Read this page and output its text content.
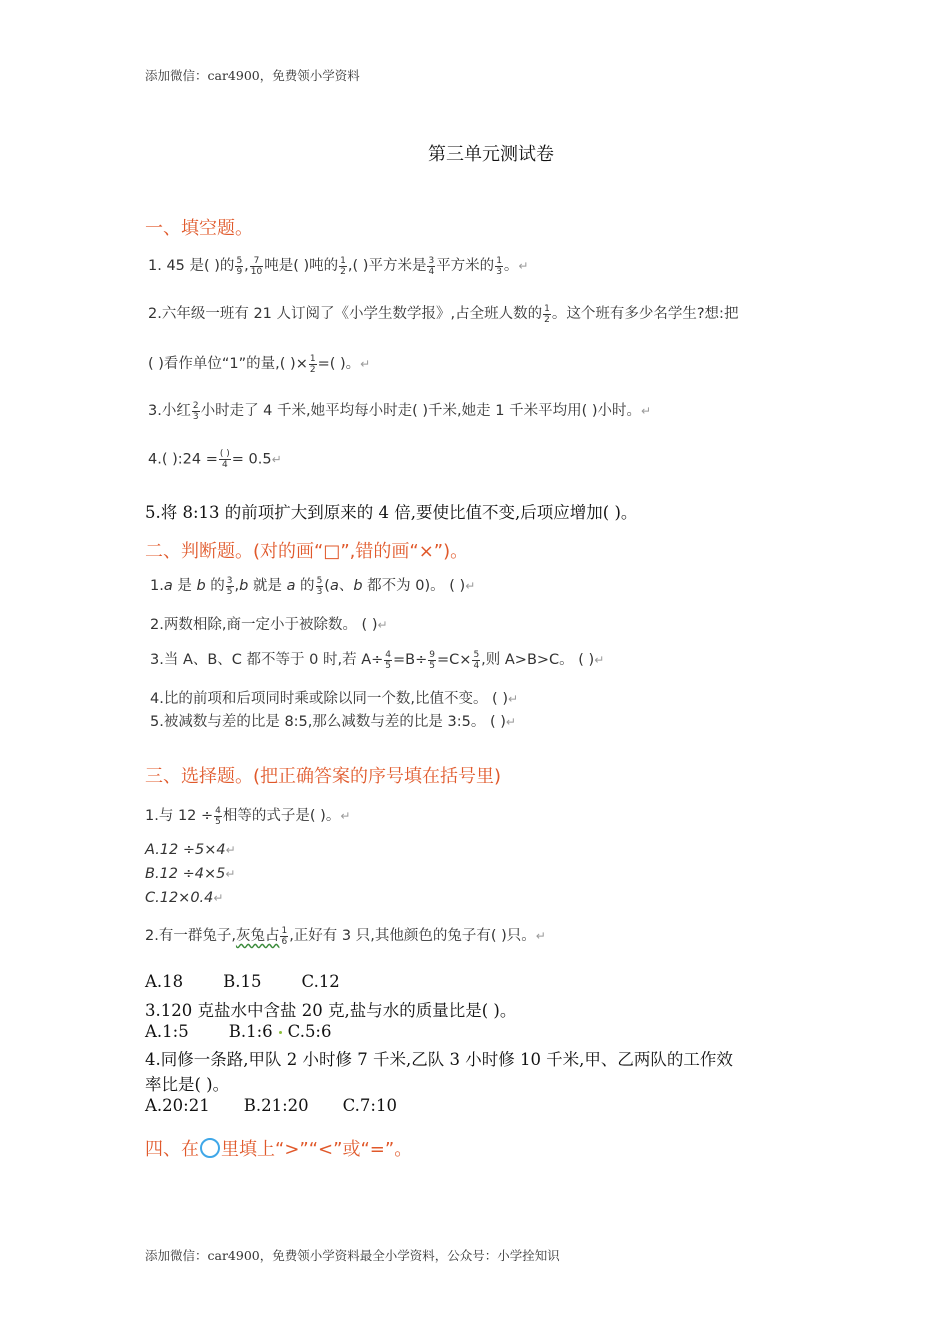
添加微信：car4900，免费领小学资料
第三单元测试卷
一、填空题。
1. 45 是( )的 $\frac{5}{9}$ , $\frac{7}{10}$ 吨是( )吨的 $\frac{1}{2}$ ,( )平方米是 $\frac{3}{4}$ 平方米的 $\frac{1}{3}$ 。↵
2.六年级一班有 21 人订阅了《小学生数学报》,占全班人数的 $\frac{1}{2}$ 。这个班有多少名学生?想:把
( )看作单位“1”的量,( )× $\frac{1}{2}$ =( )。↵
3.小红 $\frac{2}{3}$ 小时走了 4 千米,她平均每小时走( )千米,她走 1 千米平均用( )小时。↵
4.( ):24 = $\frac{( )}{4}$ = 0.5↵
5.将 8:13 的前项扩大到原来的 4 倍,要使比值不变,后项应增加( )。
二、判断题。(对的画“□”,错的画“×”)。
1.a 是 b 的 $\frac{3}{5} ,b$ 就是 a 的 $\frac{5}{3} (a$、b 都不为 0)。 ( )↵
2.两数相除,商一定小于被除数。 ( )↵
3.当 A、B、C 都不等于 0 时,若 $A\div \frac{4}{5} =B\div \frac{9}{5} =C\times \frac{5}{4}$ ,则 A>B>C。 ( )↵
4.比的前项和后项同时乘或除以同一个数,比值不变。 ( )↵
5.被减数与差的比是 8:5,那么减数与差的比是 3:5。 ( )↵
三、选择题。(把正确答案的序号填在括号里)
1.与 $12 \div \frac{4}{5}$ 相等的式子是( )。↵
A.12 ÷5×4↵
B.12 ÷4×5↵
C.12×0.4↵
2.有一群兔子,灰兔占 $\frac{1}{6}$ ,正好有 3 只,其他颜色的兔子有( )只。↵
A.18 B.15 C.12
3.120 克盐水中含盐 20 克,盐与水的质量比是( )。
A.1:5 B.1:6 C.5:6
4.同修一条路,甲队 2 小时修 7 千米,乙队 3 小时修 10 千米,甲、乙两队的工作效
率比是( )。
A.20:21 B.21:20 C.7:10
四、在 里填上“>”“<”或“=”。
添加微信：car4900，免费领小学资料最全小学资料，公众号：小学拴知识
